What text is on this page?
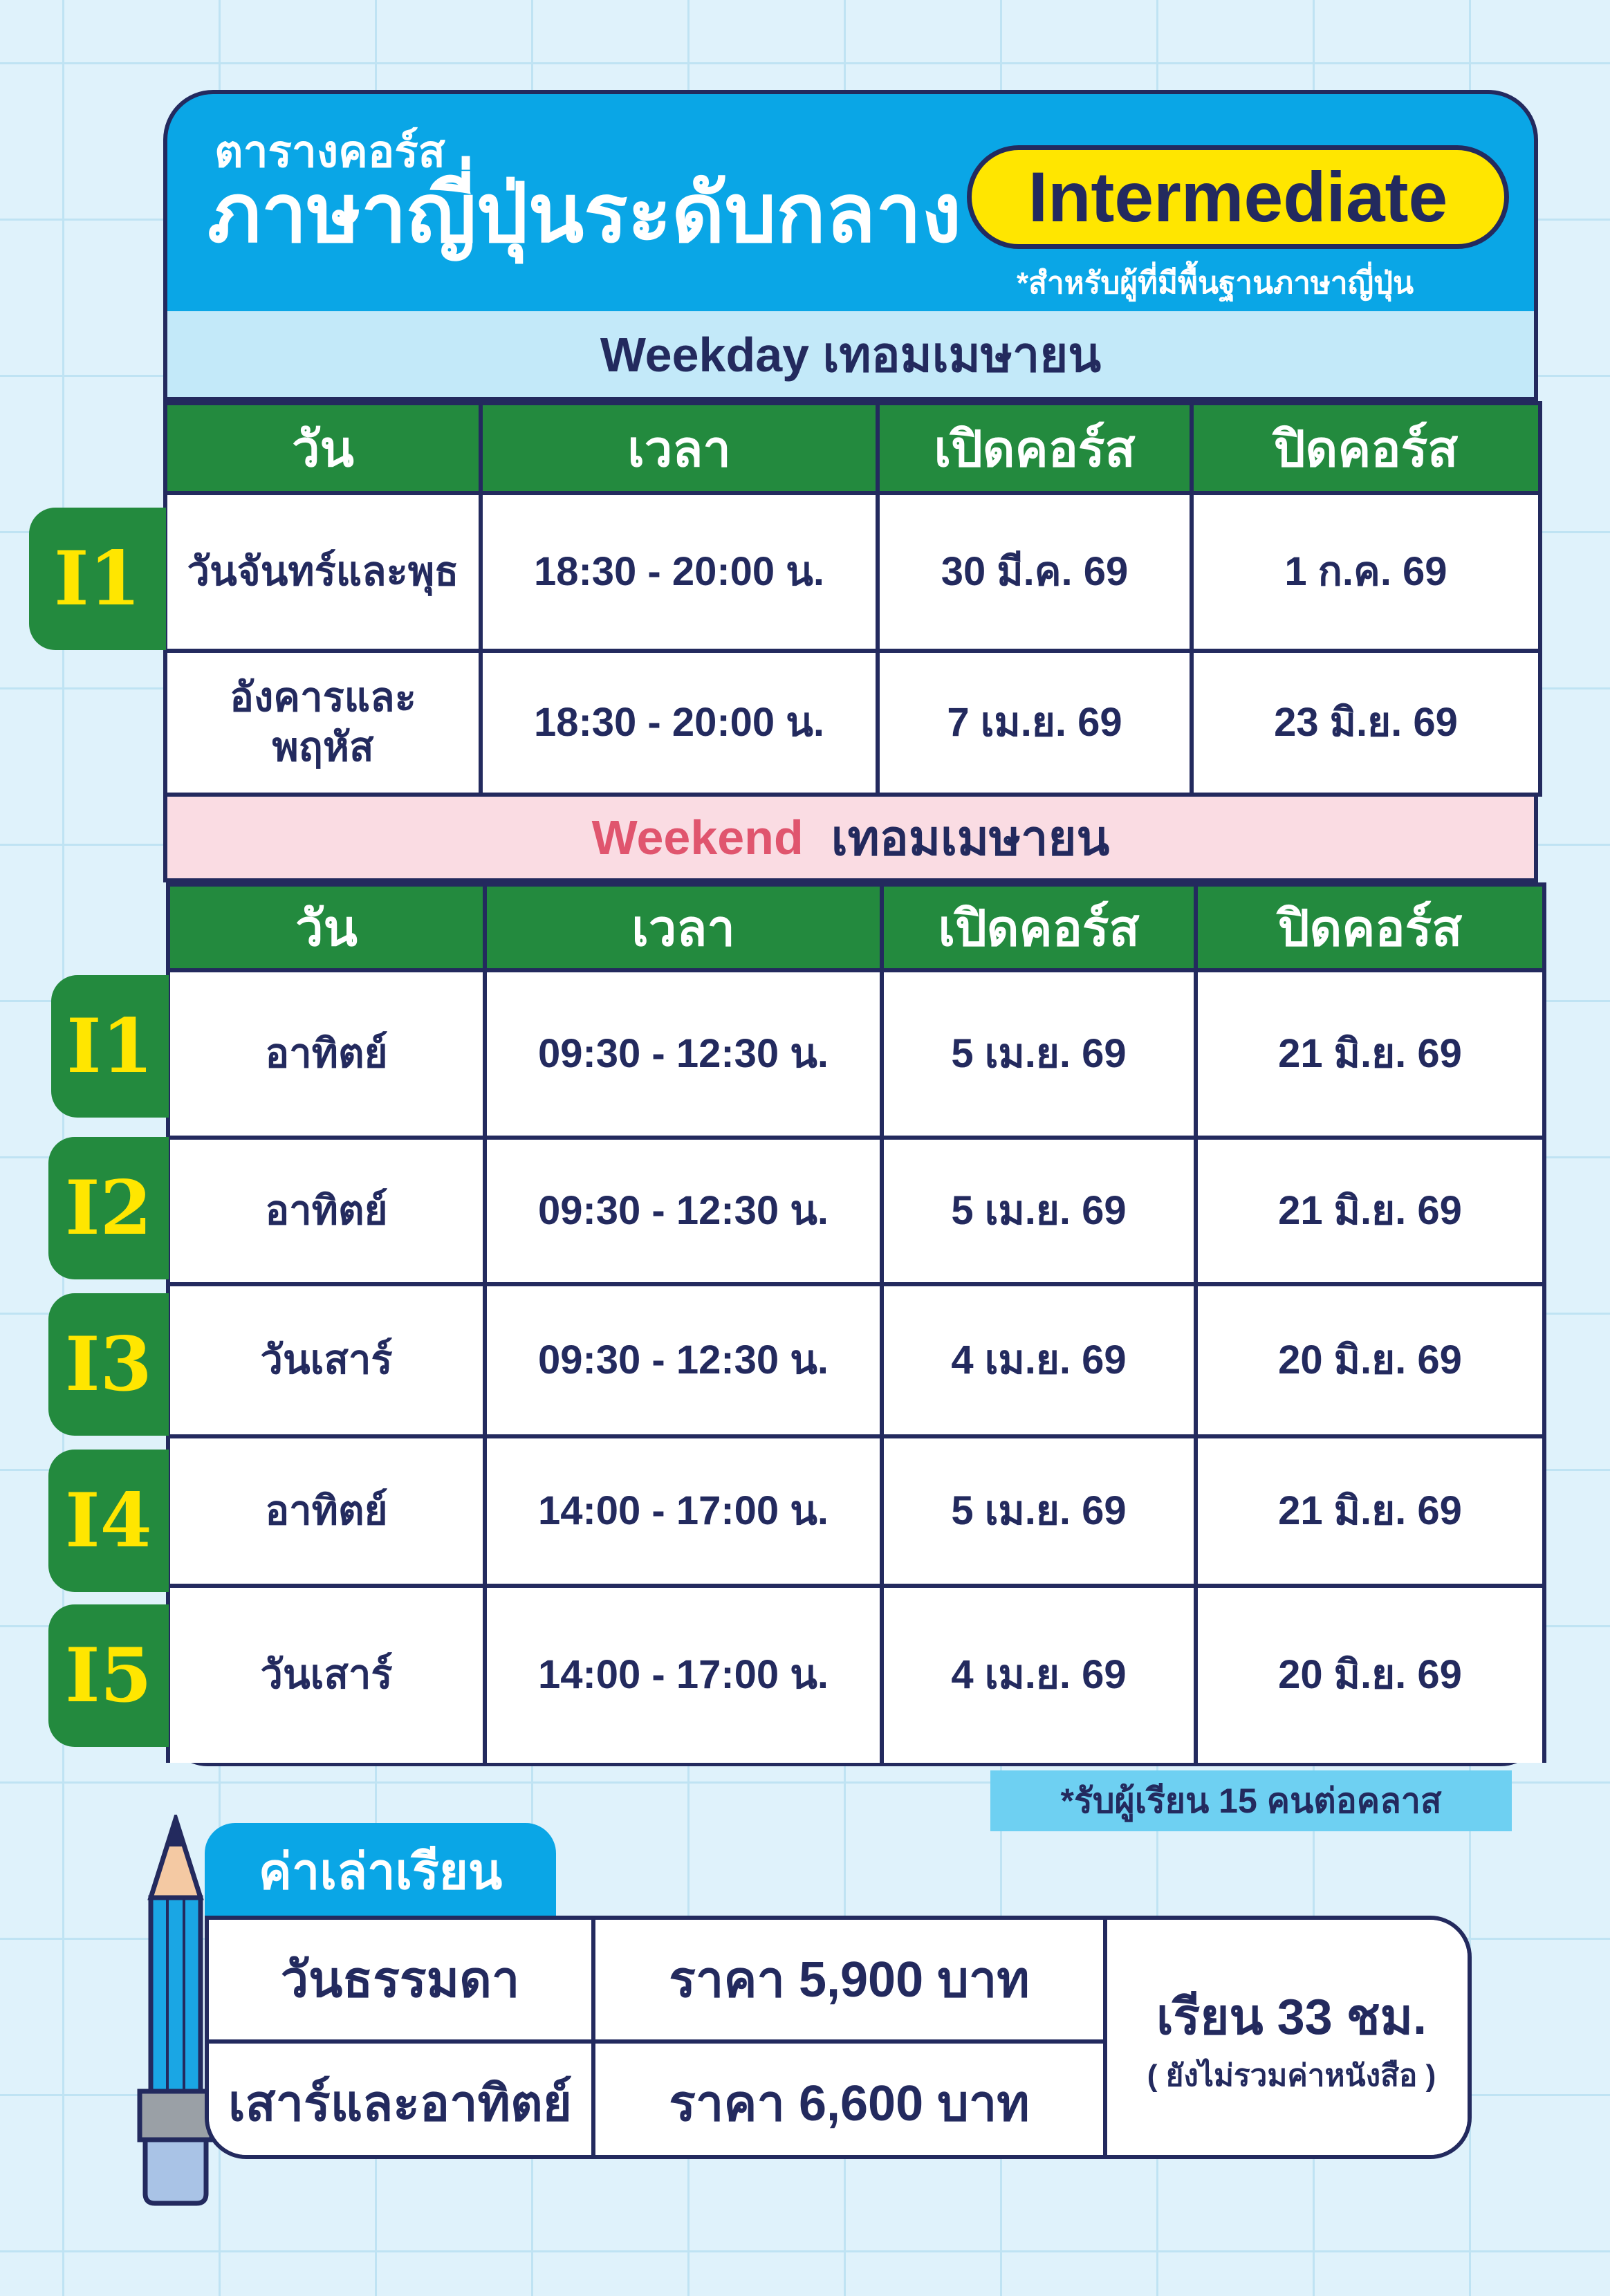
ตารางคอร์ส
ภาษาญี่ปุ่นระดับกลาง Intermediate
*สำหรับผู้ที่มีพื้นฐานภาษาญี่ปุ่น
Weekday เทอมเมษายน
วัน	เวลา	เปิดคอร์ส	ปิดคอร์ส
วันจันทร์และพุธ	18:30 - 20:00 น.	30 มี.ค. 69	1 ก.ค. 69
อังคารและ
พฤหัส	18:30 - 20:00 น.	7 เม.ย. 69	23 มิ.ย. 69
I1
Weekend เทอมเมษายน
วัน	เวลา	เปิดคอร์ส	ปิดคอร์ส
อาทิตย์	09:30 - 12:30 น.	5 เม.ย. 69	21 มิ.ย. 69
อาทิตย์	09:30 - 12:30 น.	5 เม.ย. 69	21 มิ.ย. 69
วันเสาร์	09:30 - 12:30 น.	4 เม.ย. 69	20 มิ.ย. 69
อาทิตย์	14:00 - 17:00 น.	5 เม.ย. 69	21 มิ.ย. 69
วันเสาร์	14:00 - 17:00 น.	4 เม.ย. 69	20 มิ.ย. 69
I1
I2
I3
I4
I5
*รับผู้เรียน 15 คนต่อคลาส
ค่าเล่าเรียน
วันธรรมดา	ราคา 5,900 บาท	เรียน 33 ชม.
( ยังไม่รวมค่าหนังสือ )

เสาร์และอาทิตย์	ราคา 6,600 บาท	
